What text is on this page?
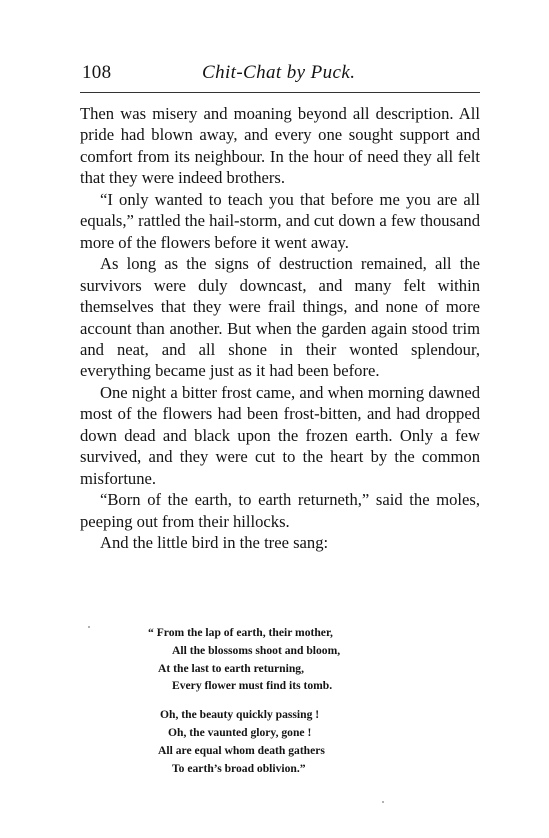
108	Chit-Chat by Puck.

Then was misery and moaning beyond all description. All pride had blown away, and every one sought support and comfort from its neighbour. In the hour of need they all felt that they were indeed brothers.

“I only wanted to teach you that before me you are all equals,” rattled the hail-storm, and cut down a few thousand more of the flowers before it went away.

As long as the signs of destruction remained, all the survivors were duly downcast, and many felt within themselves that they were frail things, and none of more account than another. But when the garden again stood trim and neat, and all shone in their wonted splendour, everything became just as it had been before.

One night a bitter frost came, and when morning dawned most of the flowers had been frost-bitten, and had dropped down dead and black upon the frozen earth. Only a few survived, and they were cut to the heart by the common misfortune.

“Born of the earth, to earth returneth,” said the moles, peeping out from their hillocks.

And the little bird in the tree sang:

“ From the lap of earth, their mother,
All the blossoms shoot and bloom,
At the last to earth returning,
Every flower must find its tomb.
Oh, the beauty quickly passing !
Oh, the vaunted glory, gone !
All are equal whom death gathers
To earth’s broad oblivion.”
